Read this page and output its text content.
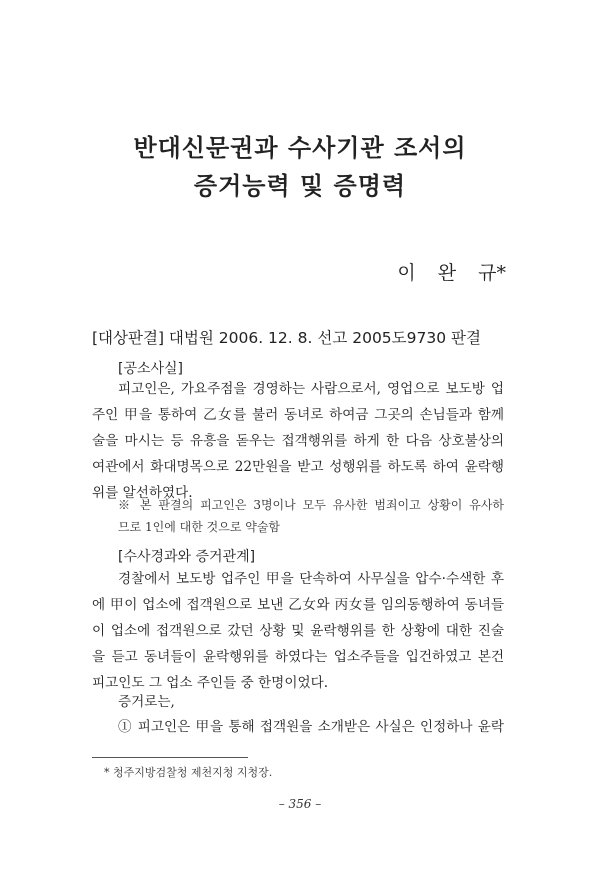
반대신문권과 수사기관 조서의
증거능력 및 증명력
이 완 규*
[대상판결] 대법원 2006. 12. 8. 선고 2005도9730 판결
[공소사실]
피고인은, 가요주점을 경영하는 사람으로서, 영업으로 보도방 업
주인 甲을 통하여 乙女를 불러 동녀로 하여금 그곳의 손님들과 함께
술을 마시는 등 유흥을 돋우는 접객행위를 하게 한 다음 상호불상의
여관에서 화대명목으로 22만원을 받고 성행위를 하도록 하여 윤락행
위를 알선하였다.
※ 본 판결의 피고인은 3명이나 모두 유사한 범죄이고 상황이 유사하
므로 1인에 대한 것으로 약술함
[수사경과와 증거관계]
경찰에서 보도방 업주인 甲을 단속하여 사무실을 압수·수색한 후
에 甲이 업소에 접객원으로 보낸 乙女와 丙女를 임의동행하여 동녀들
이 업소에 접객원으로 갔던 상황 및 윤락행위를 한 상황에 대한 진술
을 듣고 동녀들이 윤락행위를 하였다는 업소주들을 입건하였고 본건
피고인도 그 업소 주인들 중 한명이었다.
증거로는,
① 피고인은 甲을 통해 접객원을 소개받은 사실은 인정하나 윤락
* 청주지방검찰청 제천지청 지청장.
– 356 –
